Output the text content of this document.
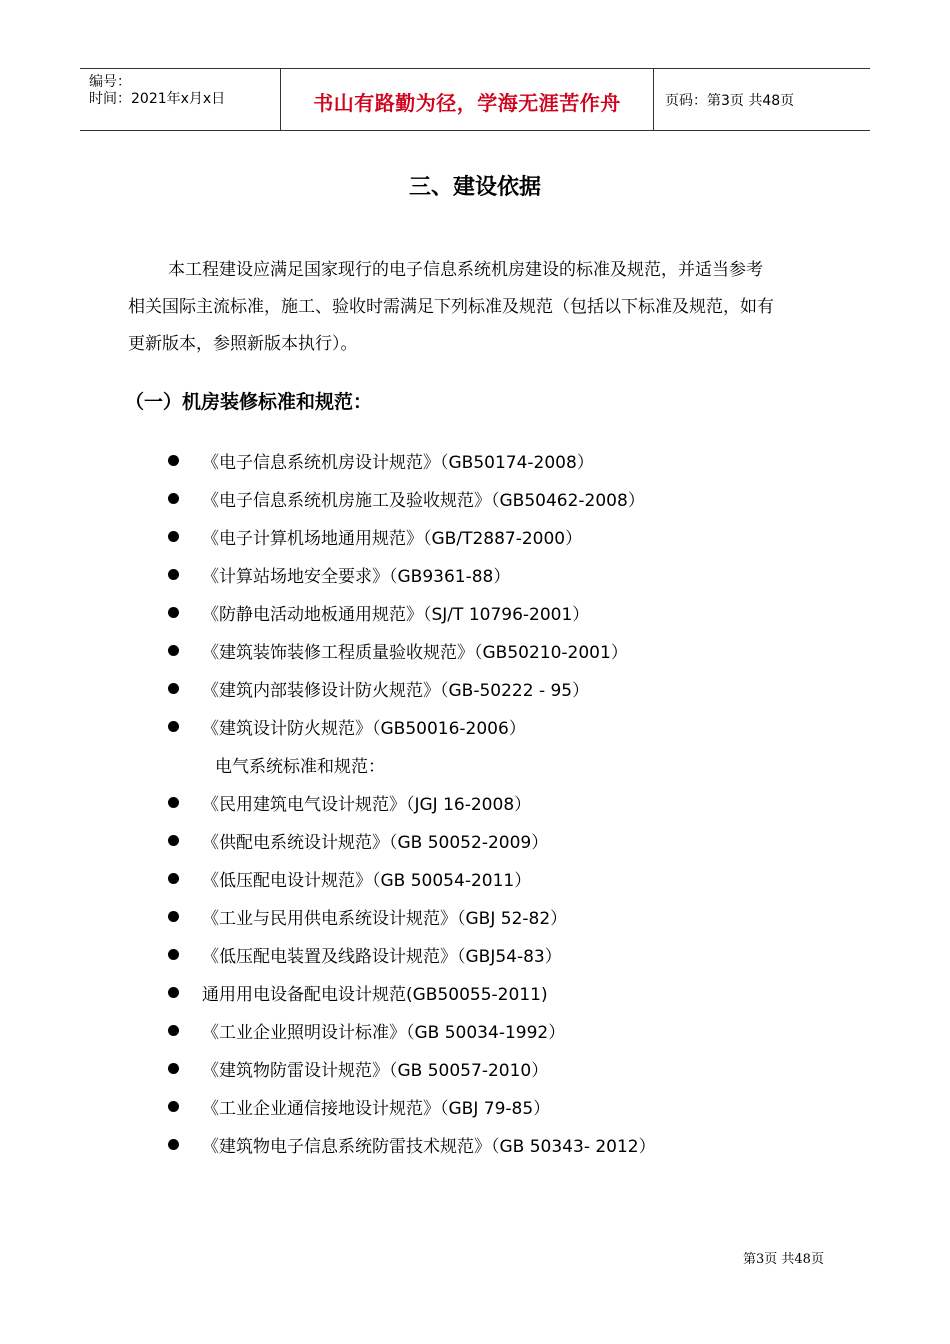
编号：
时间：2021年x月x日	书山有路勤为径，学海无涯苦作舟	页码：第3页 共48页
三、建设依据

本工程建设应满足国家现行的电子信息系统机房建设的标准及规范，并适当参考

相关国际主流标准，施工、验收时需满足下列标准及规范（包括以下标准及规范，如有

更新版本，参照新版本执行）。

（一）机房装修标准和规范：
《电子信息系统机房设计规范》（GB50174-2008）
《电子信息系统机房施工及验收规范》（GB50462-2008）
《电子计算机场地通用规范》（GB/T2887-2000）
《计算站场地安全要求》（GB9361-88）
《防静电活动地板通用规范》（SJ/T 10796-2001）
《建筑装饰装修工程质量验收规范》（GB50210-2001）
《建筑内部装修设计防火规范》（GB-50222 - 95）
《建筑设计防火规范》（GB50016-2006）
电气系统标准和规范：
《民用建筑电气设计规范》（JGJ 16-2008）
《供配电系统设计规范》（GB 50052-2009）
《低压配电设计规范》（GB 50054-2011）
《工业与民用供电系统设计规范》（GBJ 52-82）
《低压配电装置及线路设计规范》（GBJ54-83）
通用用电设备配电设计规范(GB50055-2011)
《工业企业照明设计标准》（GB 50034-1992）
《建筑物防雷设计规范》（GB 50057-2010）
《工业企业通信接地设计规范》（GBJ 79-85）
《建筑物电子信息系统防雷技术规范》（GB 50343- 2012）
第3页 共48页
